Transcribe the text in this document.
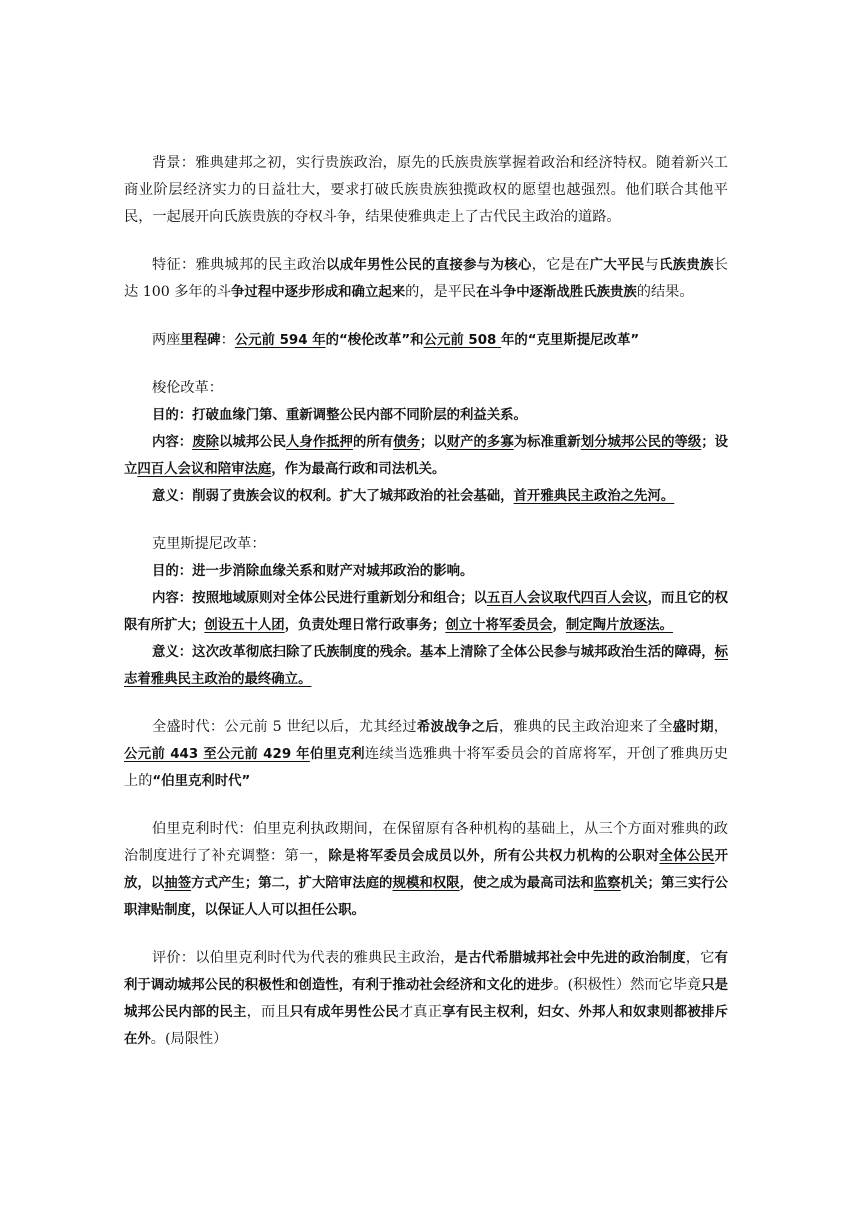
背景：雅典建邦之初，实行贵族政治，原先的氏族贵族掌握着政治和经济特权。随着新兴工商业阶层经济实力的日益壮大，要求打破氏族贵族独揽政权的愿望也越强烈。他们联合其他平民，一起展开向氏族贵族的夺权斗争，结果使雅典走上了古代民主政治的道路。

特征：雅典城邦的民主政治以成年男性公民的直接参与为核心，它是在广大平民与氏族贵族长达 100 多年的斗争过程中逐步形成和确立起来的，是平民在斗争中逐渐战胜氏族贵族的结果。

两座里程碑：公元前 594 年的“梭伦改革”和公元前 508 年的“克里斯提尼改革”

梭伦改革：

目的：打破血缘门第、重新调整公民内部不同阶层的利益关系。

内容：废除以城邦公民人身作抵押的所有债务；以财产的多寡为标准重新划分城邦公民的等级；设立四百人会议和陪审法庭，作为最高行政和司法机关。

意义：削弱了贵族会议的权利。扩大了城邦政治的社会基础，首开雅典民主政治之先河。

克里斯提尼改革：

目的：进一步消除血缘关系和财产对城邦政治的影响。

内容：按照地域原则对全体公民进行重新划分和组合；以五百人会议取代四百人会议，而且它的权限有所扩大；创设五十人团，负责处理日常行政事务；创立十将军委员会，制定陶片放逐法。

意义：这次改革彻底扫除了氏族制度的残余。基本上清除了全体公民参与城邦政治生活的障碍，标志着雅典民主政治的最终确立。

全盛时代：公元前 5 世纪以后，尤其经过希波战争之后，雅典的民主政治迎来了全盛时期，公元前 443 至公元前 429 年伯里克利连续当选雅典十将军委员会的首席将军，开创了雅典历史上的“伯里克利时代”

伯里克利时代：伯里克利执政期间，在保留原有各种机构的基础上，从三个方面对雅典的政治制度进行了补充调整：第一，除是将军委员会成员以外，所有公共权力机构的公职对全体公民开放，以抽签方式产生；第二，扩大陪审法庭的规模和权限，使之成为最高司法和监察机关；第三实行公职津贴制度，以保证人人可以担任公职。

评价：以伯里克利时代为代表的雅典民主政治，是古代希腊城邦社会中先进的政治制度，它有利于调动城邦公民的积极性和创造性，有利于推动社会经济和文化的进步。(积极性）然而它毕竟只是城邦公民内部的民主，而且只有成年男性公民才真正享有民主权利，妇女、外邦人和奴隶则都被排斥在外。(局限性）
